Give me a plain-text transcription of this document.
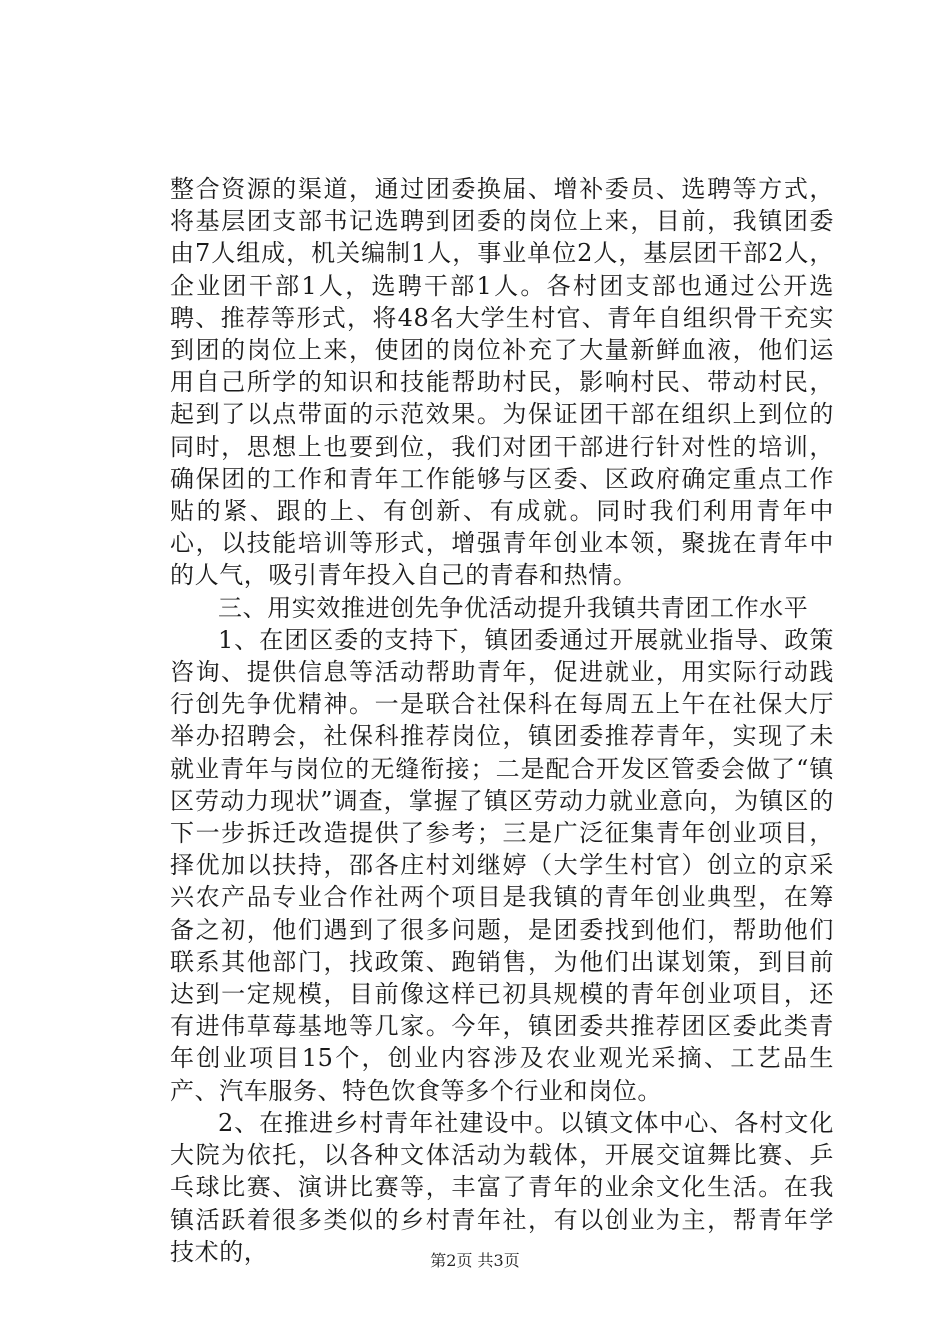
整合资源的渠道，通过团委换届、增补委员、选聘等方式，将基层团支部书记选聘到团委的岗位上来，目前，我镇团委由7人组成，机关编制1人，事业单位2人，基层团干部2人，企业团干部1人，选聘干部1人。各村团支部也通过公开选聘、推荐等形式，将48名大学生村官、青年自组织骨干充实到团的岗位上来，使团的岗位补充了大量新鲜血液，他们运用自己所学的知识和技能帮助村民，影响村民、带动村民，起到了以点带面的示范效果。为保证团干部在组织上到位的同时，思想上也要到位，我们对团干部进行针对性的培训，确保团的工作和青年工作能够与区委、区政府确定重点工作贴的紧、跟的上、有创新、有成就。同时我们利用青年中心，以技能培训等形式，增强青年创业本领，聚拢在青年中的人气，吸引青年投入自己的青春和热情。

三、用实效推进创先争优活动提升我镇共青团工作水平

1、在团区委的支持下，镇团委通过开展就业指导、政策咨询、提供信息等活动帮助青年，促进就业，用实际行动践行创先争优精神。一是联合社保科在每周五上午在社保大厅举办招聘会，社保科推荐岗位，镇团委推荐青年，实现了未就业青年与岗位的无缝衔接；二是配合开发区管委会做了“镇区劳动力现状”调查，掌握了镇区劳动力就业意向，为镇区的下一步拆迁改造提供了参考；三是广泛征集青年创业项目，择优加以扶持，邵各庄村刘继婷（大学生村官）创立的京采兴农产品专业合作社两个项目是我镇的青年创业典型，在筹备之初，他们遇到了很多问题，是团委找到他们，帮助他们联系其他部门，找政策、跑销售，为他们出谋划策，到目前达到一定规模，目前像这样已初具规模的青年创业项目，还有进伟草莓基地等几家。今年，镇团委共推荐团区委此类青年创业项目15个，创业内容涉及农业观光采摘、工艺品生产、汽车服务、特色饮食等多个行业和岗位。

2、在推进乡村青年社建设中。以镇文体中心、各村文化大院为依托，以各种文体活动为载体，开展交谊舞比赛、乒乓球比赛、演讲比赛等，丰富了青年的业余文化生活。在我镇活跃着很多类似的乡村青年社，有以创业为主，帮青年学技术的，	第2页 共3页
